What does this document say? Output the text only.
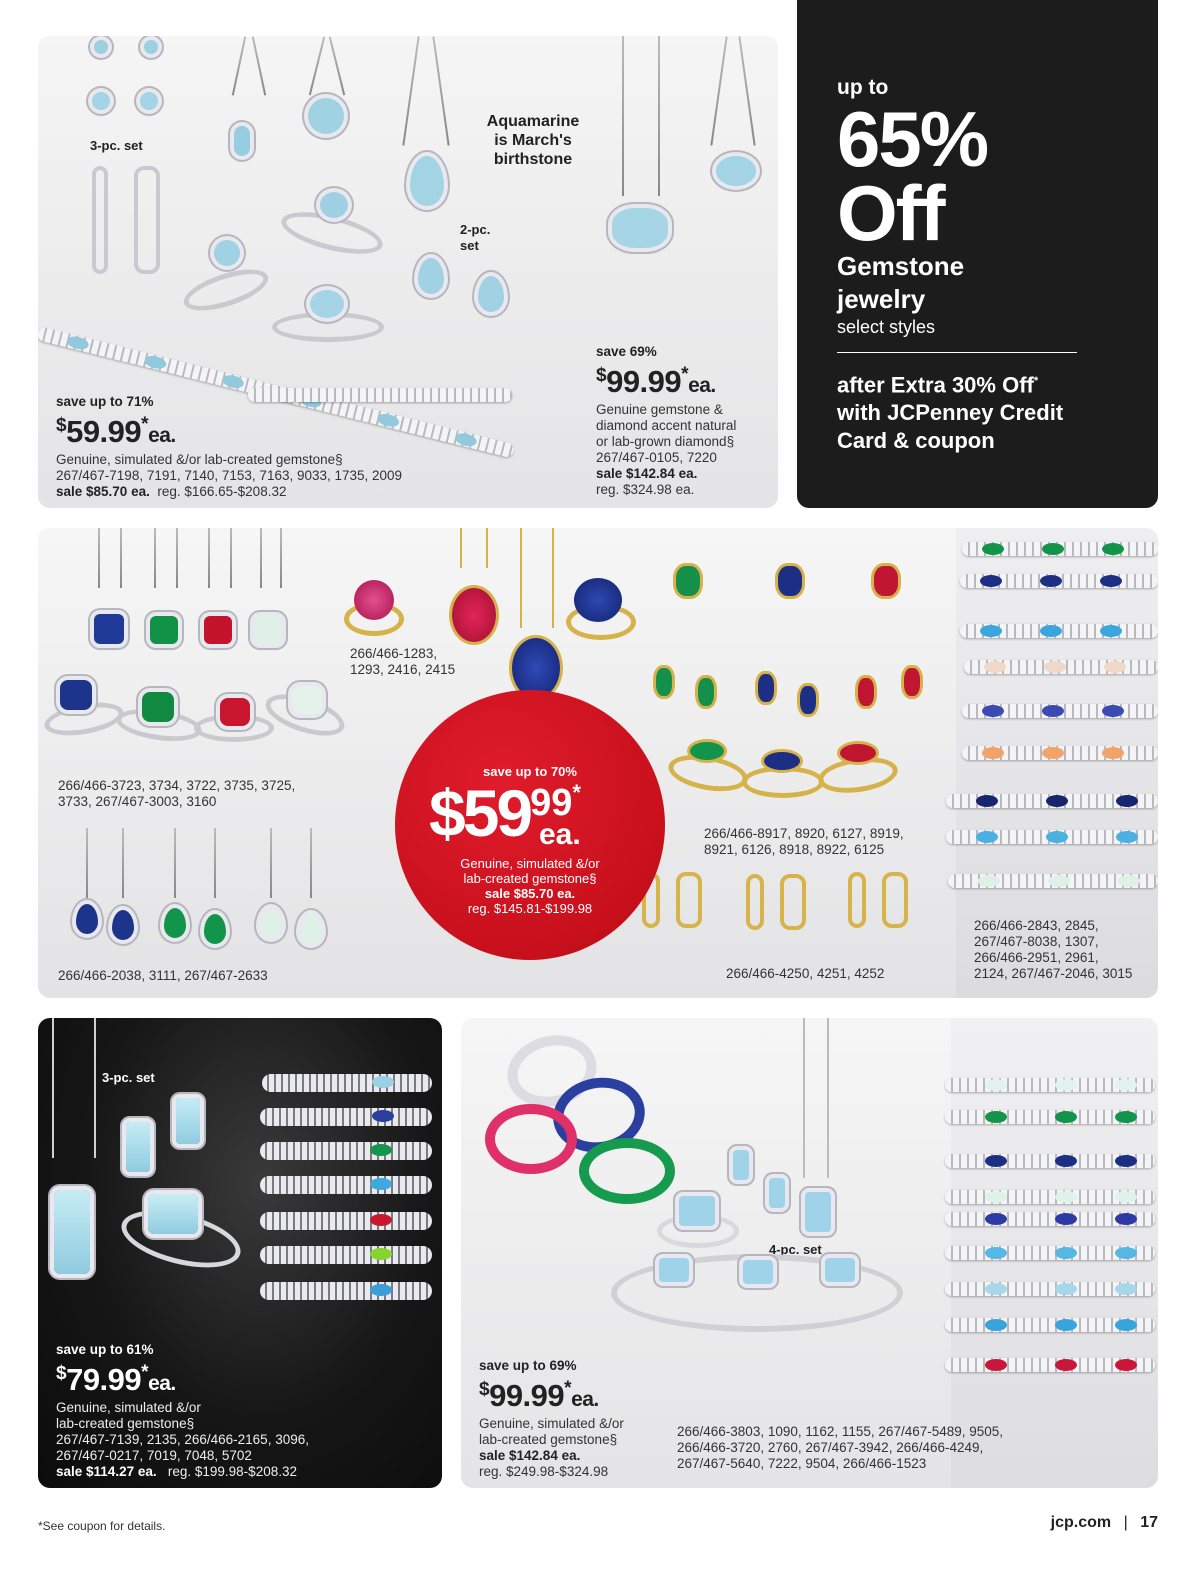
3-pc. set
Aquamarine
is March's
birthstone
2-pc.
set
save up to 71%
$59.99*ea.
Genuine, simulated &/or lab-created gemstone§
267/467-7198, 7191, 7140, 7153, 7163, 9033, 1735, 2009
sale $85.70 ea. reg. $166.65-$208.32
save 69%
$99.99*ea.
Genuine gemstone &
diamond accent natural
or lab-grown diamond§
267/467-0105, 7220
sale $142.84 ea.
reg. $324.98 ea.
up to
65%
Off
Gemstone
jewelry
select styles
after Extra 30% Off*
with JCPenney Credit
Card & coupon
266/466-3723, 3734, 3722, 3735, 3725,
3733, 267/467-3003, 3160
266/466-2038, 3111, 267/467-2633
266/466-1283,
1293, 2416, 2415
266/466-8917, 8920, 6127, 8919,
8921, 6126, 8918, 8922, 6125
266/466-4250, 4251, 4252
266/466-2843, 2845,
267/467-8038, 1307,
266/466-2951, 2961,
2124, 267/467-2046, 3015
save up to 70%
$5999*
ea.
Genuine, simulated &/or
lab-created gemstone§
sale $85.70 ea.
reg. $145.81-$199.98
3-pc. set
save up to 61%
$79.99*ea.
Genuine, simulated &/or
lab-created gemstone§
267/467-7139, 2135, 266/466-2165, 3096,
267/467-0217, 7019, 7048, 5702
sale $114.27 ea. reg. $199.98-$208.32
4-pc. set
save up to 69%
$99.99*ea.
Genuine, simulated &/or
lab-created gemstone§
sale $142.84 ea.
reg. $249.98-$324.98
266/466-3803, 1090, 1162, 1155, 267/467-5489, 9505,
266/466-3720, 2760, 267/467-3942, 266/466-4249,
267/467-5640, 7222, 9504, 266/466-1523
*See coupon for details.	jcp.com | 17
